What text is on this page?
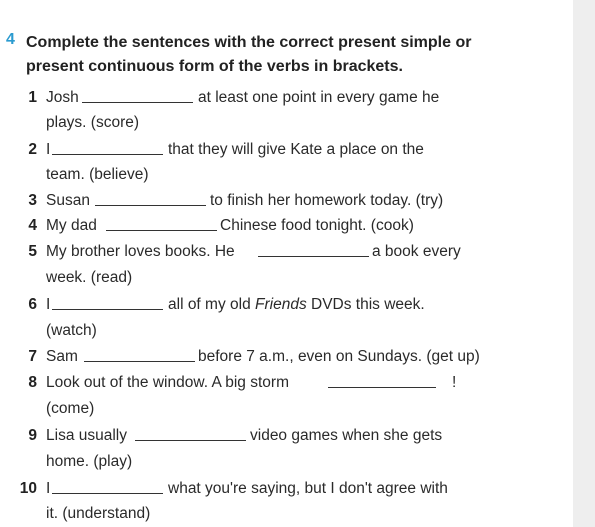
4 Complete the sentences with the correct present simple or
present continuous form of the verbs in brackets.
1 Josh	at least one point in every game he
plays. (score)
2 I	that they will give Kate a place on the
team. (believe)
3 Susan	to finish her homework today. (try)
4 My dad	Chinese food tonight. (cook)
5 My brother loves books. He	a book every
week. (read)
6 I	all of my old Friends DVDs this week.
(watch)
7 Sam	before 7 a.m., even on Sundays. (get up)
8 Look out of the window. A big storm	!
(come)
9 Lisa usually	video games when she gets
home. (play)
10 I	what you're saying, but I don't agree with
it. (understand)
